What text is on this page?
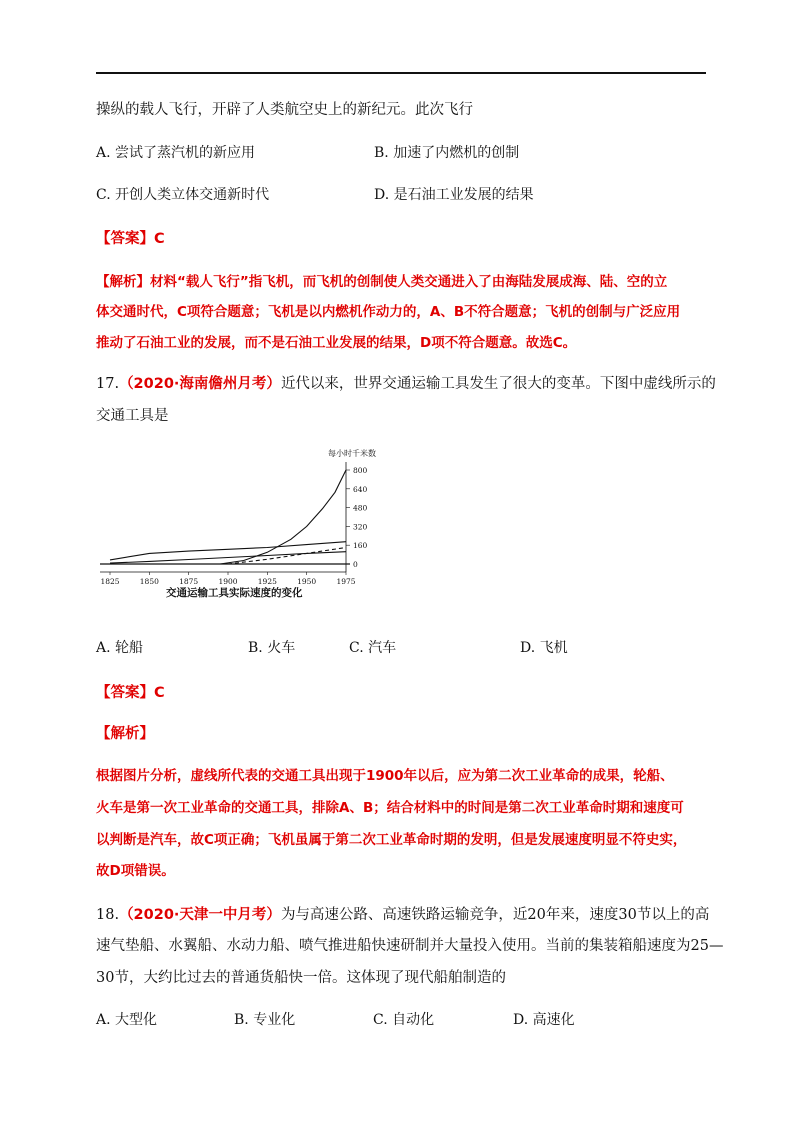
操纵的载人飞行，开辟了人类航空史上的新纪元。此次飞行
A. 尝试了蒸汽机的新应用	B. 加速了内燃机的创制
C. 开创人类立体交通新时代	D. 是石油工业发展的结果
【答案】C
【解析】材料“载人飞行”指飞机，而飞机的创制使人类交通进入了由海陆发展成海、陆、空的立
体交通时代，C项符合题意；飞机是以内燃机作动力的，A、B不符合题意；飞机的创制与广泛应用
推动了石油工业的发展，而不是石油工业发展的结果，D项不符合题意。故选C。
17.（2020·海南儋州月考）近代以来，世界交通运输工具发生了很大的变革。下图中虚线所示的
交通工具是
1825	1850	1875	1900	1925	1950	1975
0
160
320
480
640
800
每小时千米数
交通运输工具实际速度的变化
A. 轮船	B. 火车	C. 汽车	D. 飞机
【答案】C
【解析】
根据图片分析，虚线所代表的交通工具出现于1900年以后，应为第二次工业革命的成果，轮船、
火车是第一次工业革命的交通工具，排除A、B；结合材料中的时间是第二次工业革命时期和速度可
以判断是汽车，故C项正确；飞机虽属于第二次工业革命时期的发明，但是发展速度明显不符史实，
故D项错误。
18.（2020·天津一中月考）为与高速公路、高速铁路运输竞争，近20年来，速度30节以上的高
速气垫船、水翼船、水动力船、喷气推进船快速研制并大量投入使用。当前的集装箱船速度为25—
30节，大约比过去的普通货船快一倍。这体现了现代船舶制造的
A. 大型化	B. 专业化	C. 自动化	D. 高速化
